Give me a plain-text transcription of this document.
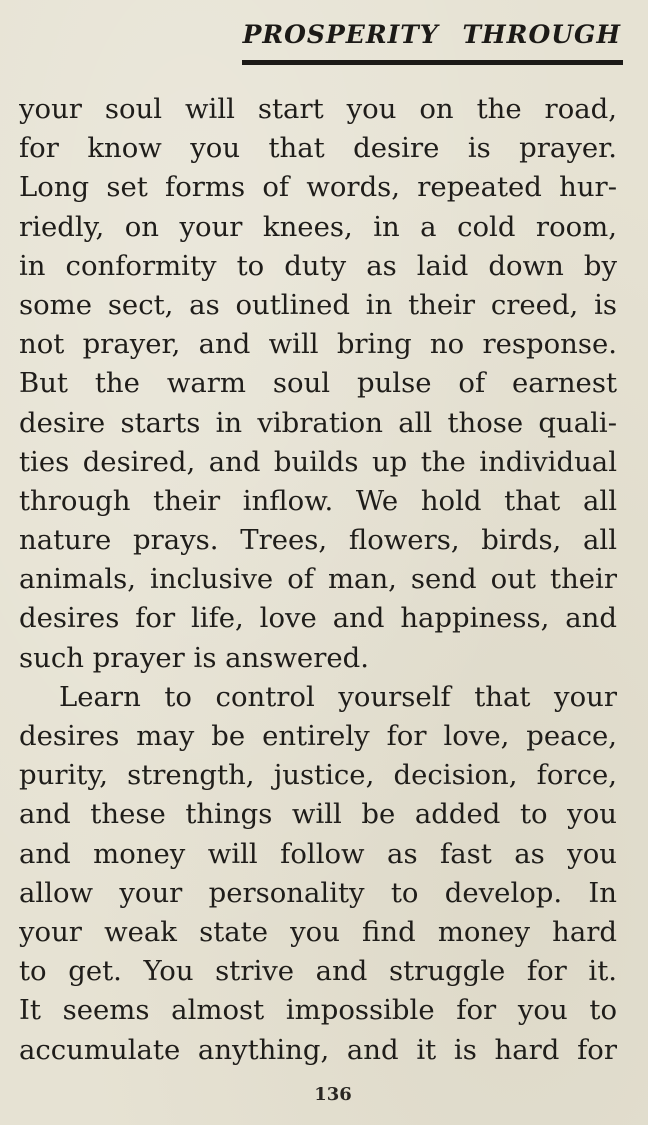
PROSPERITY THROUGH
your soul will start you on the road,
for know you that desire is prayer.
Long set forms of words, repeated hur-
riedly, on your knees, in a cold room,
in conformity to duty as laid down by
some sect, as outlined in their creed, is
not prayer, and will bring no response.
But the warm soul pulse of earnest
desire starts in vibration all those quali-
ties desired, and builds up the individual
through their inflow. We hold that all
nature prays. Trees, flowers, birds, all
animals, inclusive of man, send out their
desires for life, love and happiness, and
such prayer is answered.
Learn to control yourself that your
desires may be entirely for love, peace,
purity, strength, justice, decision, force,
and these things will be added to you
and money will follow as fast as you
allow your personality to develop. In
your weak state you find money hard
to get. You strive and struggle for it.
It seems almost impossible for you to
accumulate anything, and it is hard for
136
